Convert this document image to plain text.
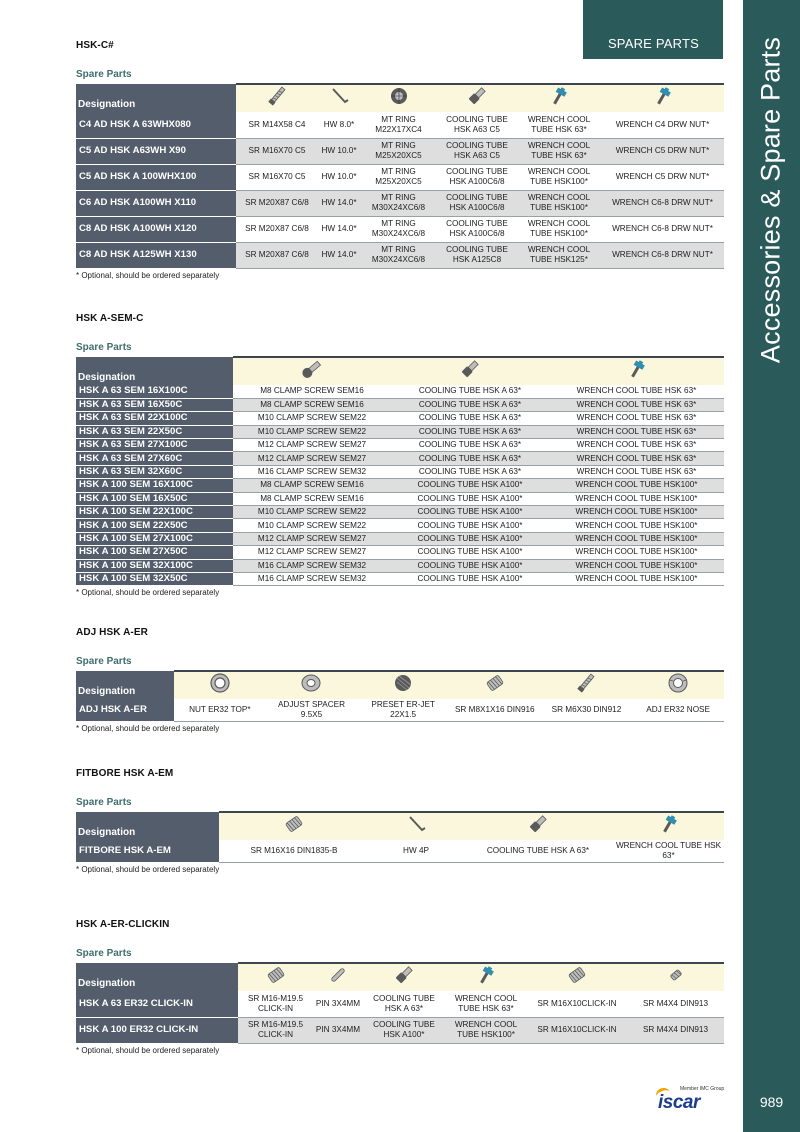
SPARE PARTS Accessories & Spare Parts
989
Member IMC Group
iscar
HSK-C#
Spare Parts
Designation						
C4 AD HSK A 63WHX080	SR M14X58 C4	HW 8.0*	MT RING M22X17XC4	COOLING TUBE HSK A63 C5	WRENCH COOL TUBE HSK 63*	WRENCH C4 DRW NUT*
C5 AD HSK A63WH X90	SR M16X70 C5	HW 10.0*	MT RING M25X20XC5	COOLING TUBE HSK A63 C5	WRENCH COOL TUBE HSK 63*	WRENCH C5 DRW NUT*
C5 AD HSK A 100WHX100	SR M16X70 C5	HW 10.0*	MT RING M25X20XC5	COOLING TUBE HSK A100C6/8	WRENCH COOL TUBE HSK100*	WRENCH C5 DRW NUT*
C6 AD HSK A100WH X110	SR M20X87 C6/8	HW 14.0*	MT RING M30X24XC6/8	COOLING TUBE HSK A100C6/8	WRENCH COOL TUBE HSK100*	WRENCH C6-8 DRW NUT*
C8 AD HSK A100WH X120	SR M20X87 C6/8	HW 14.0*	MT RING M30X24XC6/8	COOLING TUBE HSK A100C6/8	WRENCH COOL TUBE HSK100*	WRENCH C6-8 DRW NUT*
C8 AD HSK A125WH X130	SR M20X87 C6/8	HW 14.0*	MT RING M30X24XC6/8	COOLING TUBE HSK A125C8	WRENCH COOL TUBE HSK125*	WRENCH C6-8 DRW NUT*
* Optional, should be ordered separately
HSK A-SEM-C
Spare Parts
Designation			
HSK A 63 SEM 16X100C	M8 CLAMP SCREW SEM16	COOLING TUBE HSK A 63*	WRENCH COOL TUBE HSK 63*
HSK A 63 SEM 16X50C	M8 CLAMP SCREW SEM16	COOLING TUBE HSK A 63*	WRENCH COOL TUBE HSK 63*
HSK A 63 SEM 22X100C	M10 CLAMP SCREW SEM22	COOLING TUBE HSK A 63*	WRENCH COOL TUBE HSK 63*
HSK A 63 SEM 22X50C	M10 CLAMP SCREW SEM22	COOLING TUBE HSK A 63*	WRENCH COOL TUBE HSK 63*
HSK A 63 SEM 27X100C	M12 CLAMP SCREW SEM27	COOLING TUBE HSK A 63*	WRENCH COOL TUBE HSK 63*
HSK A 63 SEM 27X60C	M12 CLAMP SCREW SEM27	COOLING TUBE HSK A 63*	WRENCH COOL TUBE HSK 63*
HSK A 63 SEM 32X60C	M16 CLAMP SCREW SEM32	COOLING TUBE HSK A 63*	WRENCH COOL TUBE HSK 63*
HSK A 100 SEM 16X100C	M8 CLAMP SCREW SEM16	COOLING TUBE HSK A100*	WRENCH COOL TUBE HSK100*
HSK A 100 SEM 16X50C	M8 CLAMP SCREW SEM16	COOLING TUBE HSK A100*	WRENCH COOL TUBE HSK100*
HSK A 100 SEM 22X100C	M10 CLAMP SCREW SEM22	COOLING TUBE HSK A100*	WRENCH COOL TUBE HSK100*
HSK A 100 SEM 22X50C	M10 CLAMP SCREW SEM22	COOLING TUBE HSK A100*	WRENCH COOL TUBE HSK100*
HSK A 100 SEM 27X100C	M12 CLAMP SCREW SEM27	COOLING TUBE HSK A100*	WRENCH COOL TUBE HSK100*
HSK A 100 SEM 27X50C	M12 CLAMP SCREW SEM27	COOLING TUBE HSK A100*	WRENCH COOL TUBE HSK100*
HSK A 100 SEM 32X100C	M16 CLAMP SCREW SEM32	COOLING TUBE HSK A100*	WRENCH COOL TUBE HSK100*
HSK A 100 SEM 32X50C	M16 CLAMP SCREW SEM32	COOLING TUBE HSK A100*	WRENCH COOL TUBE HSK100*
* Optional, should be ordered separately
ADJ HSK A-ER
Spare Parts
Designation						
ADJ HSK A-ER	NUT ER32 TOP*	ADJUST SPACER 9.5X5	PRESET ER-JET 22X1.5	SR M8X1X16 DIN916	SR M6X30 DIN912	ADJ ER32 NOSE
* Optional, should be ordered separately
FITBORE HSK A-EM
Spare Parts
Designation				
FITBORE HSK A-EM	SR M16X16 DIN1835-B	HW 4P	COOLING TUBE HSK A 63*	WRENCH COOL TUBE HSK 63*
* Optional, should be ordered separately
HSK A-ER-CLICKIN
Spare Parts
Designation						
HSK A 63 ER32 CLICK-IN	SR M16-M19.5 CLICK-IN	PIN 3X4MM	COOLING TUBE HSK A 63*	WRENCH COOL TUBE HSK 63*	SR M16X10CLICK-IN	SR M4X4 DIN913
HSK A 100 ER32 CLICK-IN	SR M16-M19.5 CLICK-IN	PIN 3X4MM	COOLING TUBE HSK A100*	WRENCH COOL TUBE HSK100*	SR M16X10CLICK-IN	SR M4X4 DIN913
* Optional, should be ordered separately
